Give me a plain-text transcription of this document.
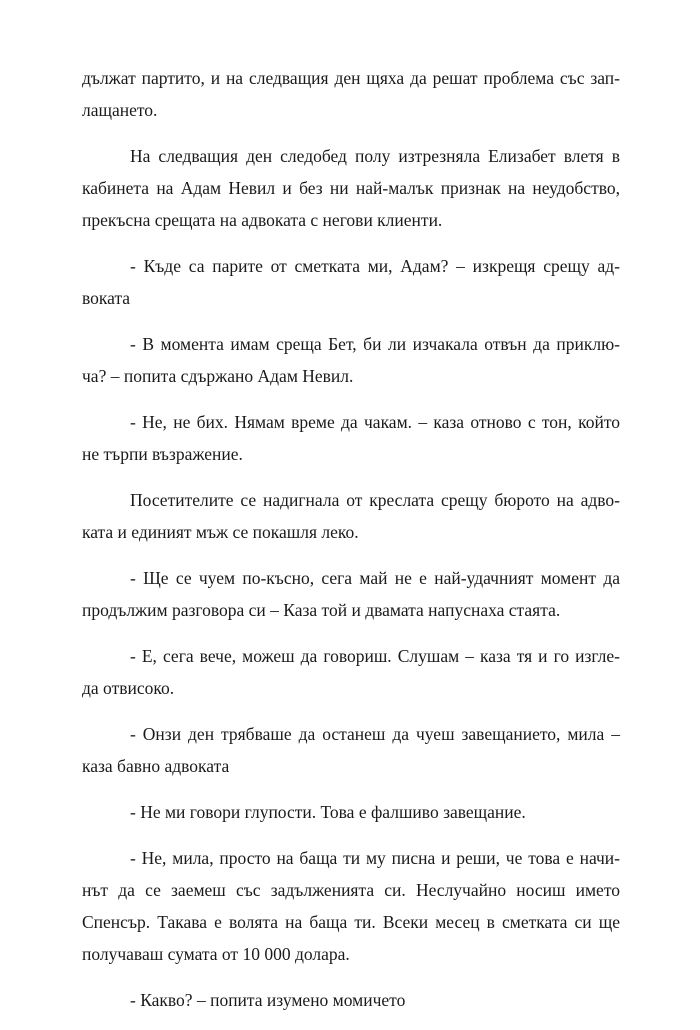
дължат партито, и на следващия ден щяха да решат проблема със зап-
лащането.

На следващия ден следобед полу изтрезняла Елизабет влетя в
кабинета на Адам Невил и без ни най-малък признак на неудобство,
прекъсна срещата на адвоката с негови клиенти.

- Къде са парите от сметката ми, Адам? – изкрещя срещу ад-
воката

- В момента имам среща Бет, би ли изчакала отвън да приклю-
ча? – попита сдържано Адам Невил.

- Не, не бих. Нямам време да чакам. – каза отново с тон, който
не търпи възражение.

Посетителите се надигнала от креслата срещу бюрото на адво-
ката и единият мъж се покашля леко.

- Ще се чуем по-късно, сега май не е най-удачният момент да
продължим разговора си – Каза той и двамата напуснаха стаята.

- Е, сега вече, можеш да говориш. Слушам – каза тя и го изгле-
да отвисоко.

- Онзи ден трябваше да останеш да чуеш завещанието, мила –
каза бавно адвоката

- Не ми говори глупости. Това е фалшиво завещание.

- Не, мила, просто на баща ти му писна и реши, че това е начи-
нът да се заемеш със задълженията си. Неслучайно носиш името
Спенсър. Такава е волята на баща ти. Всеки месец в сметката си ще
получаваш сумата от 10 000 долара.

- Какво? – попита изумено момичето
